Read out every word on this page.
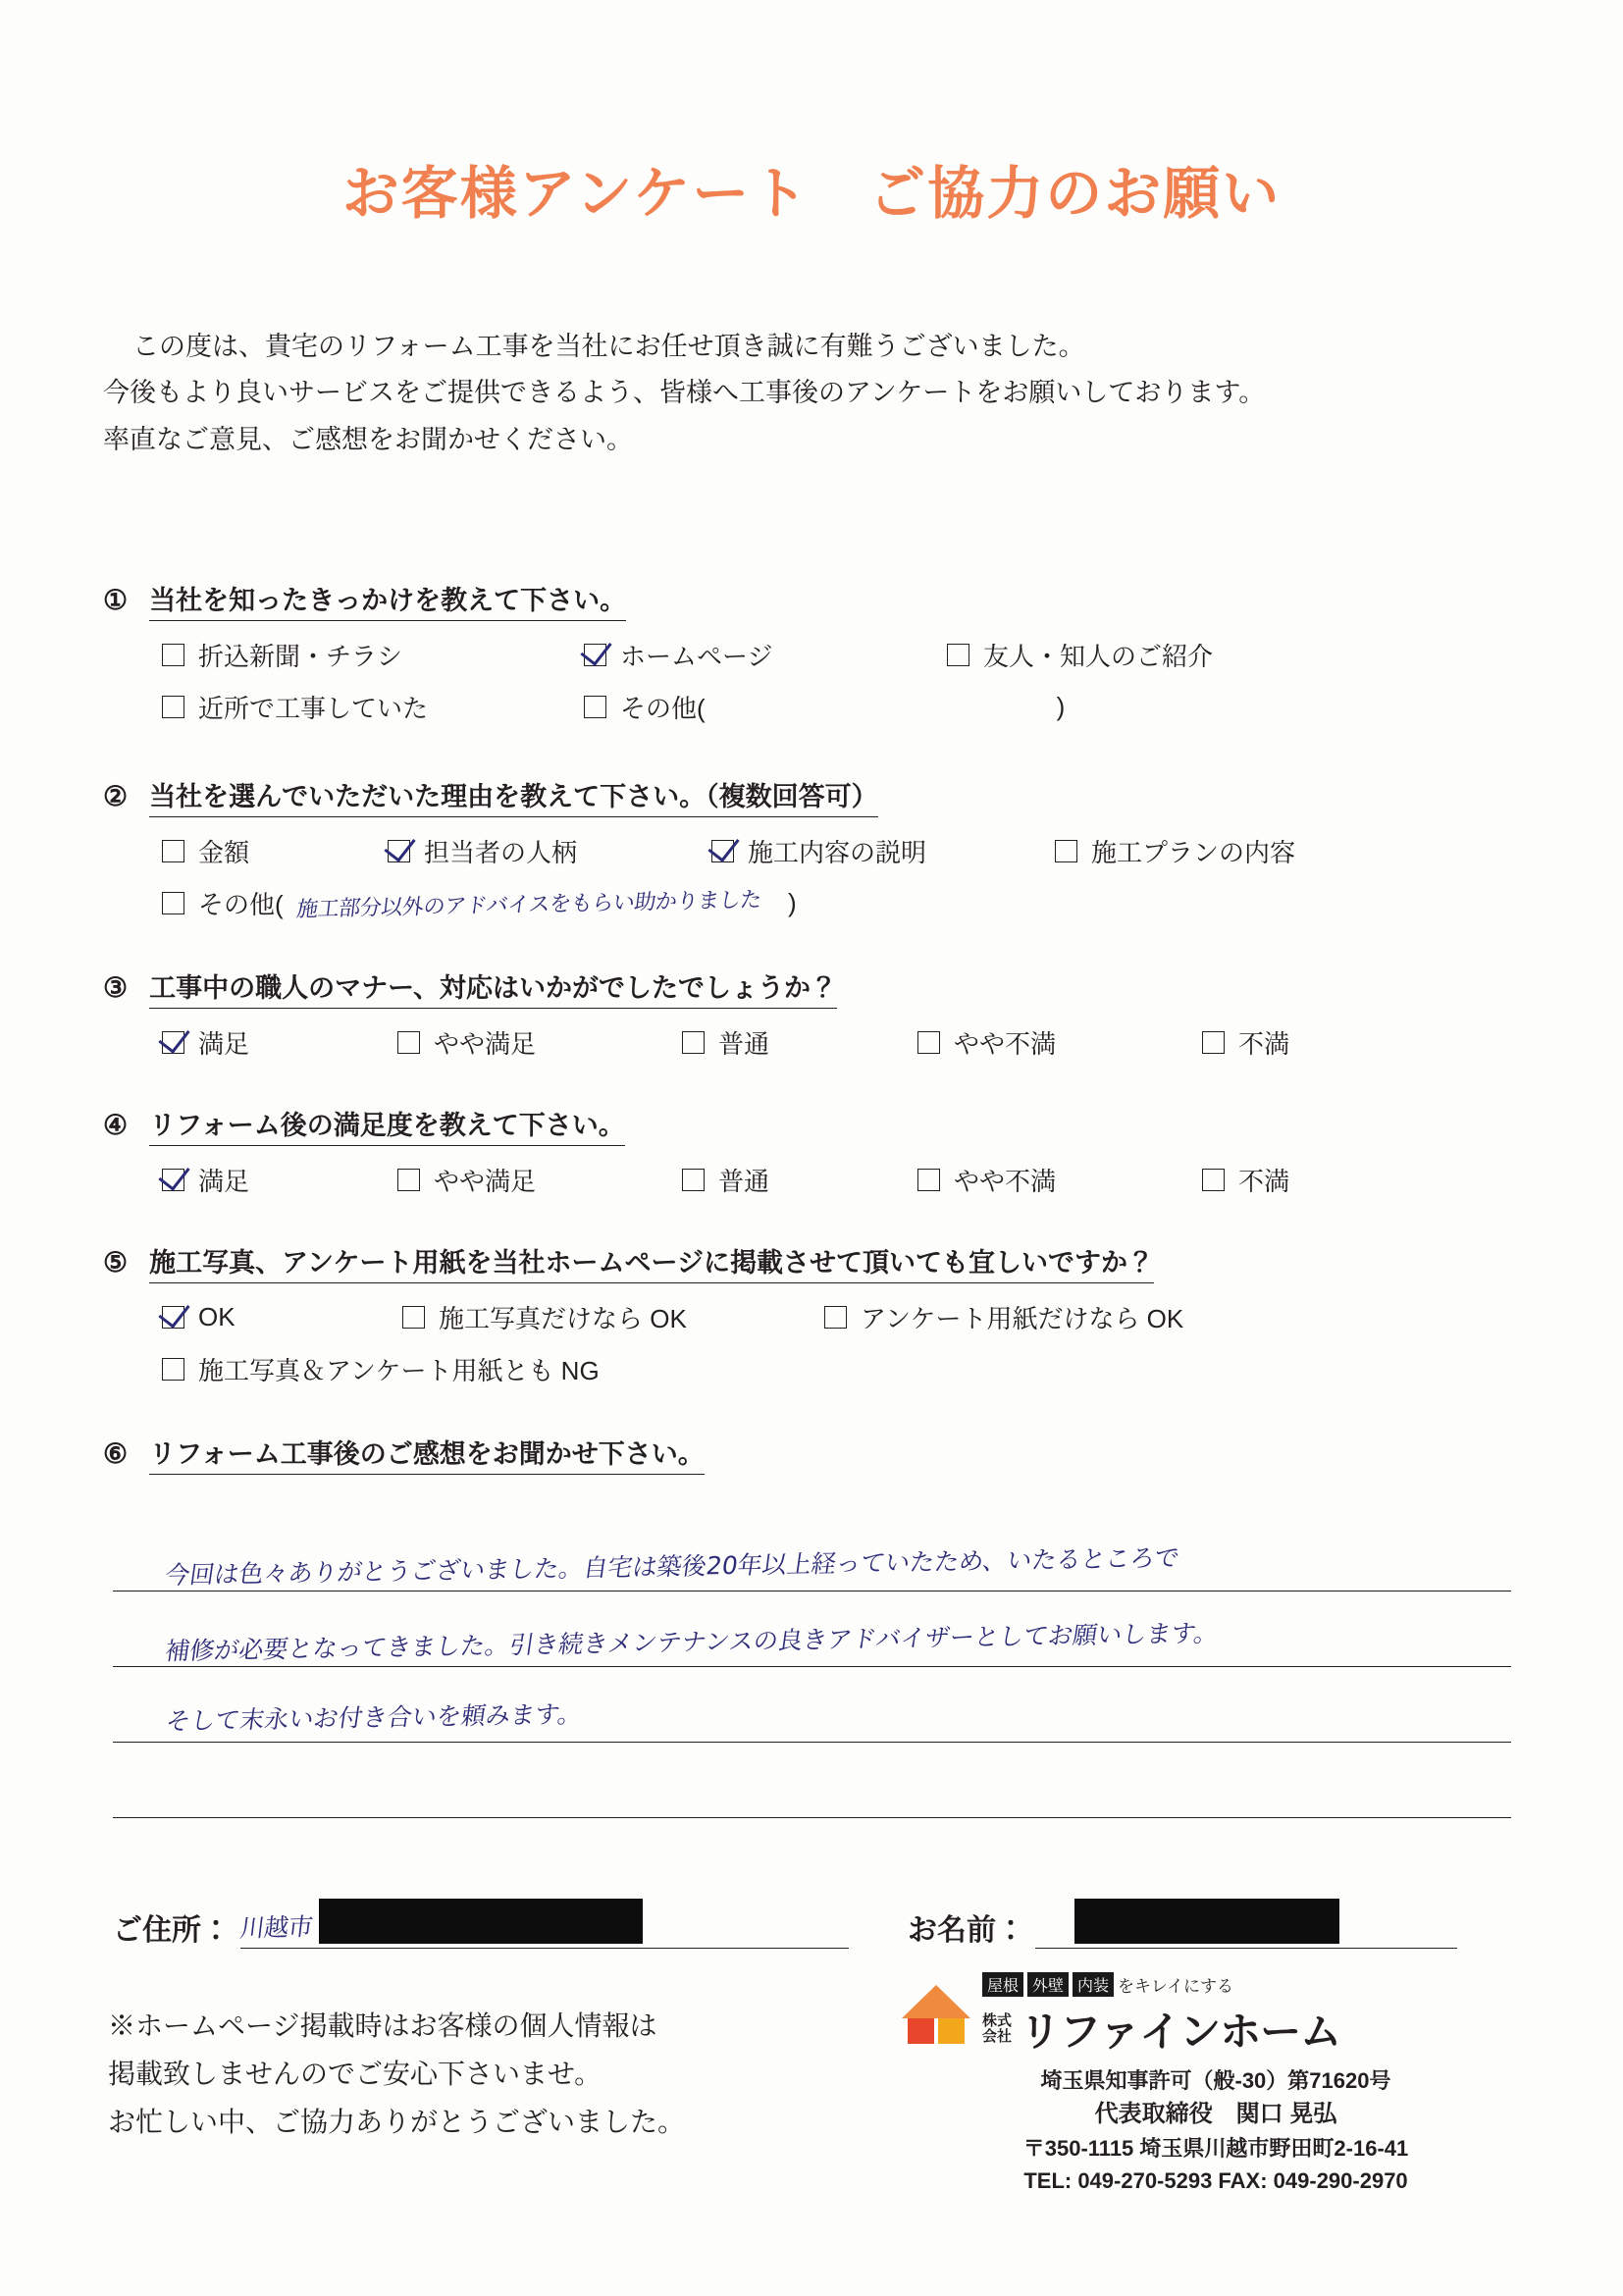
お客様アンケート　ご協力のお願い
この度は、貴宅のリフォーム工事を当社にお任せ頂き誠に有難うございました。
今後もより良いサービスをご提供できるよう、皆様へ工事後のアンケートをお願いしております。
率直なご意見、ご感想をお聞かせください。
① 当社を知ったきっかけを教えて下さい。
折込新聞・チラシ	ホームページ	友人・知人のご紹介
近所で工事していた	その他(	)
② 当社を選んでいただいた理由を教えて下さい。（複数回答可）
金額	担当者の人柄	施工内容の説明	施工プランの内容
その他( 施工部分以外のアドバイスをもらい助かりました )
③ 工事中の職人のマナー、対応はいかがでしたでしょうか？
満足	やや満足	普通	やや不満	不満
④ リフォーム後の満足度を教えて下さい。
満足	やや満足	普通	やや不満	不満
⑤ 施工写真、アンケート用紙を当社ホームページに掲載させて頂いても宜しいですか？
OK	施工写真だけなら OK	アンケート用紙だけなら OK
施工写真＆アンケート用紙とも NG
⑥ リフォーム工事後のご感想をお聞かせ下さい。
今回は色々ありがとうございました。自宅は築後20年以上経っていたため、いたるところで
補修が必要となってきました。引き続きメンテナンスの良きアドバイザーとしてお願いします。
そして末永いお付き合いを頼みます。
ご住所： 川越市	お名前：
※ホームページ掲載時はお客様の個人情報は
掲載致しませんのでご安心下さいませ。
お忙しい中、ご協力ありがとうございました。
屋根 外壁 内装 をキレイにする
株式
会社 リファインホーム
埼玉県知事許可（般-30）第71620号
代表取締役　関口 晃弘
〒350-1115 埼玉県川越市野田町2-16-41
TEL: 049-270-5293 FAX: 049-290-2970
